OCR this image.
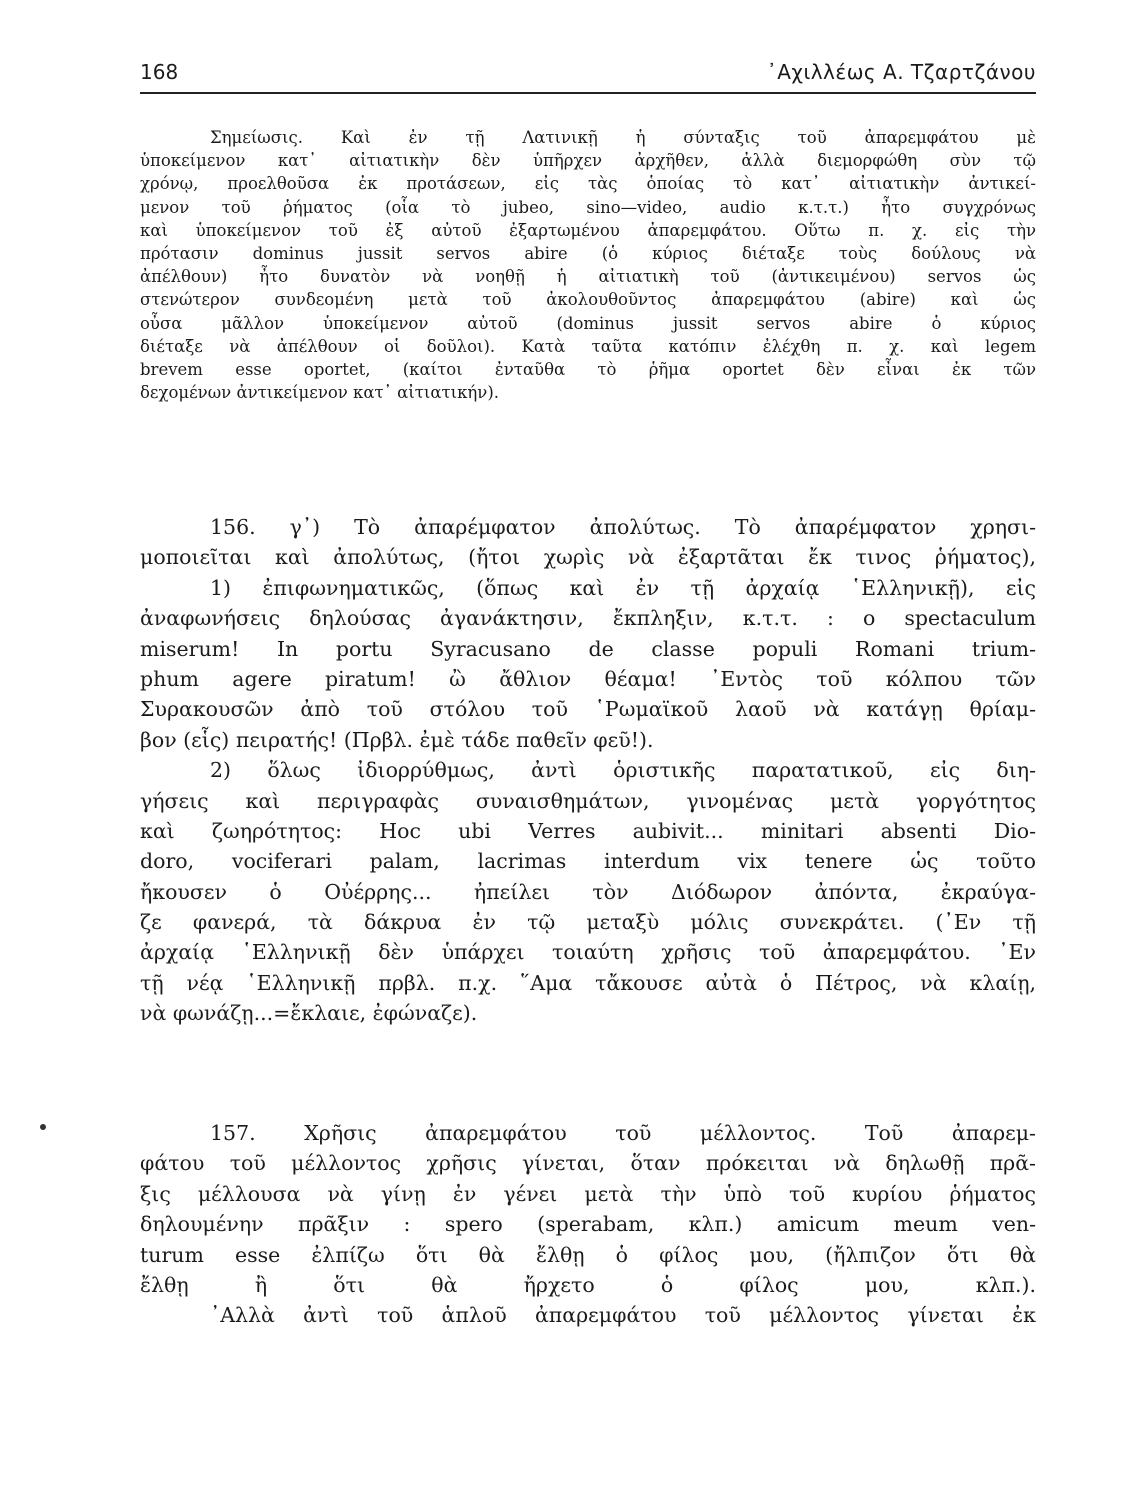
168	᾿Αχιλλέως Α. Τζαρτζάνου
Σημείωσις. Καὶ ἐν τῇ Λατινικῇ ἡ σύνταξις τοῦ ἀπαρεμφάτου μὲ
ὑποκείμενον κατ᾿ αἰτιατικὴν δὲν ὑπῆρχεν ἀρχῆθεν, ἀλλὰ διεμορφώθη σὺν τῷ
χρόνῳ, προελθοῦσα ἐκ προτάσεων, εἰς τὰς ὁποίας τὸ κατ᾿ αἰτιατικὴν ἀντικεί-
μενον τοῦ ῥήματος (οἷα τὸ jubeo, sino—video, audio κ.τ.τ.) ἦτο συγχρόνως
καὶ ὑποκείμενον τοῦ ἐξ αὐτοῦ ἐξαρτωμένου ἀπαρεμφάτου. Οὕτω π. χ. εἰς τὴν
πρότασιν dominus jussit servos abire (ὁ κύριος διέταξε τοὺς δούλους νὰ
ἀπέλθουν) ἦτο δυνατὸν νὰ νοηθῇ ἡ αἰτιατικὴ τοῦ (ἀντικειμένου) servos ὡς
στενώτερον συνδεομένη μετὰ τοῦ ἀκολουθοῦντος ἀπαρεμφάτου (abire) καὶ ὡς
οὖσα μᾶλλον ὑποκείμενον αὐτοῦ (dominus jussit servos abire ὁ κύριος
διέταξε νὰ ἀπέλθουν οἱ δοῦλοι). Κατὰ ταῦτα κατόπιν ἐλέχθη π. χ. καὶ legem
brevem esse oportet, (καίτοι ἐνταῦθα τὸ ῥῆμα oportet δὲν εἶναι ἐκ τῶν
δεχομένων ἀντικείμενον κατ᾿ αἰτιατικήν).
156. γ᾿) Τὸ ἀπαρέμφατον ἀπολύτως. Τὸ ἀπαρέμφατον χρησι-
μοποιεῖται καὶ ἀπολύτως, (ἤτοι χωρὶς νὰ ἐξαρτᾶται ἔκ τινος ῥήματος),
1) ἐπιφωνηματικῶς, (ὅπως καὶ ἐν τῇ ἀρχαίᾳ ῾Ελληνικῇ), εἰς
ἀναφωνήσεις δηλούσας ἀγανάκτησιν, ἔκπληξιν, κ.τ.τ. : o spectaculum
miserum! In portu Syracusano de classe populi Romani trium-
phum agere piratum! ὢ ἄθλιον θέαμα! ᾿Εντὸς τοῦ κόλπου τῶν
Συρακουσῶν ἀπὸ τοῦ στόλου τοῦ ῾Ρωμαϊκοῦ λαοῦ νὰ κατάγῃ θρίαμ-
βον (εἷς) πειρατής! (Πρβλ. ἐμὲ τάδε παθεῖν φεῦ!).
2) ὅλως ἰδιορρύθμως, ἀντὶ ὁριστικῆς παρατατικοῦ, εἰς διη-
γήσεις καὶ περιγραφὰς συναισθημάτων, γινομένας μετὰ γοργότητος
καὶ ζωηρότητος: Hoc ubi Verres aubivit... minitari absenti Dio-
doro, vociferari palam, lacrimas interdum vix tenere ὡς τοῦτο
ἤκουσεν ὁ Οὐέρρης... ἠπείλει τὸν Διόδωρον ἀπόντα, ἐκραύγα-
ζε φανερά, τὰ δάκρυα ἐν τῷ μεταξὺ μόλις συνεκράτει. (᾿Εν τῇ
ἀρχαίᾳ ῾Ελληνικῇ δὲν ὑπάρχει τοιαύτη χρῆσις τοῦ ἀπαρεμφάτου. ᾿Εν
τῇ νέᾳ ῾Ελληνικῇ πρβλ. π.χ. ῞Αμα τἄκουσε αὐτὰ ὁ Πέτρος, νὰ κλαίῃ,
νὰ φωνάζῃ...=ἔκλαιε, ἐφώναζε).
157. Χρῆσις ἀπαρεμφάτου τοῦ μέλλοντος. Τοῦ ἀπαρεμ-
φάτου τοῦ μέλλοντος χρῆσις γίνεται, ὅταν πρόκειται νὰ δηλωθῇ πρᾶ-
ξις μέλλουσα νὰ γίνῃ ἐν γένει μετὰ τὴν ὑπὸ τοῦ κυρίου ῥήματος
δηλουμένην πρᾶξιν : spero (sperabam, κλπ.) amicum meum ven-
turum esse ἐλπίζω ὅτι θὰ ἔλθῃ ὁ φίλος μου, (ἤλπιζον ὅτι θὰ
ἔλθῃ ἢ ὅτι θὰ ἤρχετο ὁ φίλος μου, κλπ.).
᾿Αλλὰ ἀντὶ τοῦ ἁπλοῦ ἀπαρεμφάτου τοῦ μέλλοντος γίνεται ἐκ
